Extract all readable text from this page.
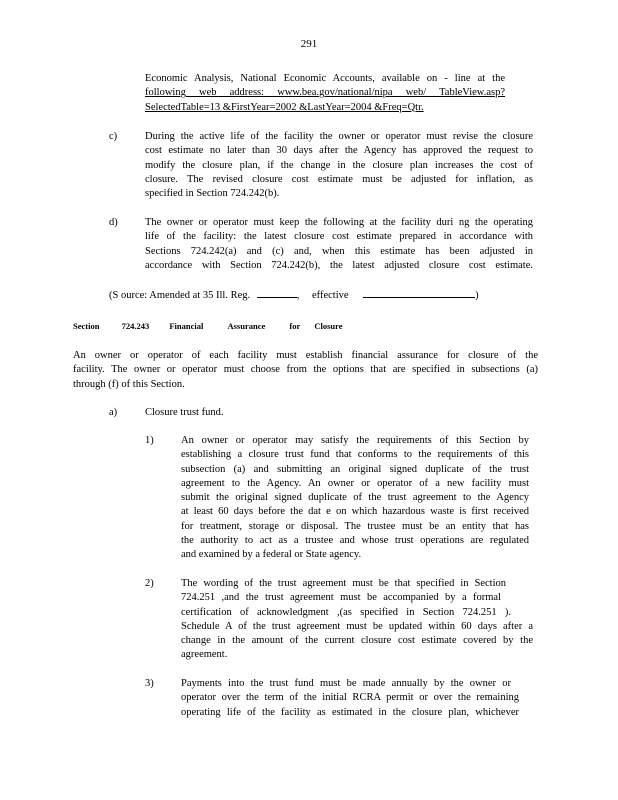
291
Economic Analysis, National Economic Accounts, available on - line at the
following web address: www.bea.gov/national/nipa web/ TableView.asp?
SelectedTable=13 &FirstYear=2002 &LastYear=2004 &Freq=Qtr.
c)	During the active life of the facility the owner or operator must revise the closure
cost estimate no later than 30 days after the Agency has approved the request to
modify the closure plan, if the change in the closure plan increases the cost of
closure. The revised closure cost estimate must be adjusted for inflation, as
specified in Section 724.242(b).
d)	The owner or operator must keep the following at the facility duri ng the operating
life of the facility: the latest closure cost estimate prepared in accordance with
Sections 724.242(a) and (c) and, when this estimate has been adjusted in
accordance with Section 724.242(b), the latest adjusted closure cost estimate.
(S ource: Amended at 35 Ill. Reg.	, effective	)
Section	724.243 Financial	Assurance	for Closure
An owner or operator of each facility must establish financial assurance for closure of the
facility. The owner or operator must choose from the options that are specified in subsections (a)
through (f) of this Section.
a)	Closure trust fund.
1)	An owner or operator may satisfy the requirements of this Section by
establishing a closure trust fund that conforms to the requirements of this
subsection (a) and submitting an original signed duplicate of the trust
agreement to the Agency. An owner or operator of a new facility must
submit the original signed duplicate of the trust agreement to the Agency
at least 60 days before the dat e on which hazardous waste is first received
for treatment, storage or disposal. The trustee must be an entity that has
the authority to act as a trustee and whose trust operations are regulated
and examined by a federal or State agency.
2)	The wording of the trust agreement must be that specified in Section
724.251 ,and the trust agreement must be accompanied by a formal
certification of acknowledgment ,(as specified in Section 724.251 ).
Schedule A of the trust agreement must be updated within 60 days after a
change in the amount of the current closure cost estimate covered by the
agreement.
3)	Payments into the trust fund must be made annually by the owner or
operator over the term of the initial RCRA permit or over the remaining
operating life of the facility as estimated in the closure plan, whichever
